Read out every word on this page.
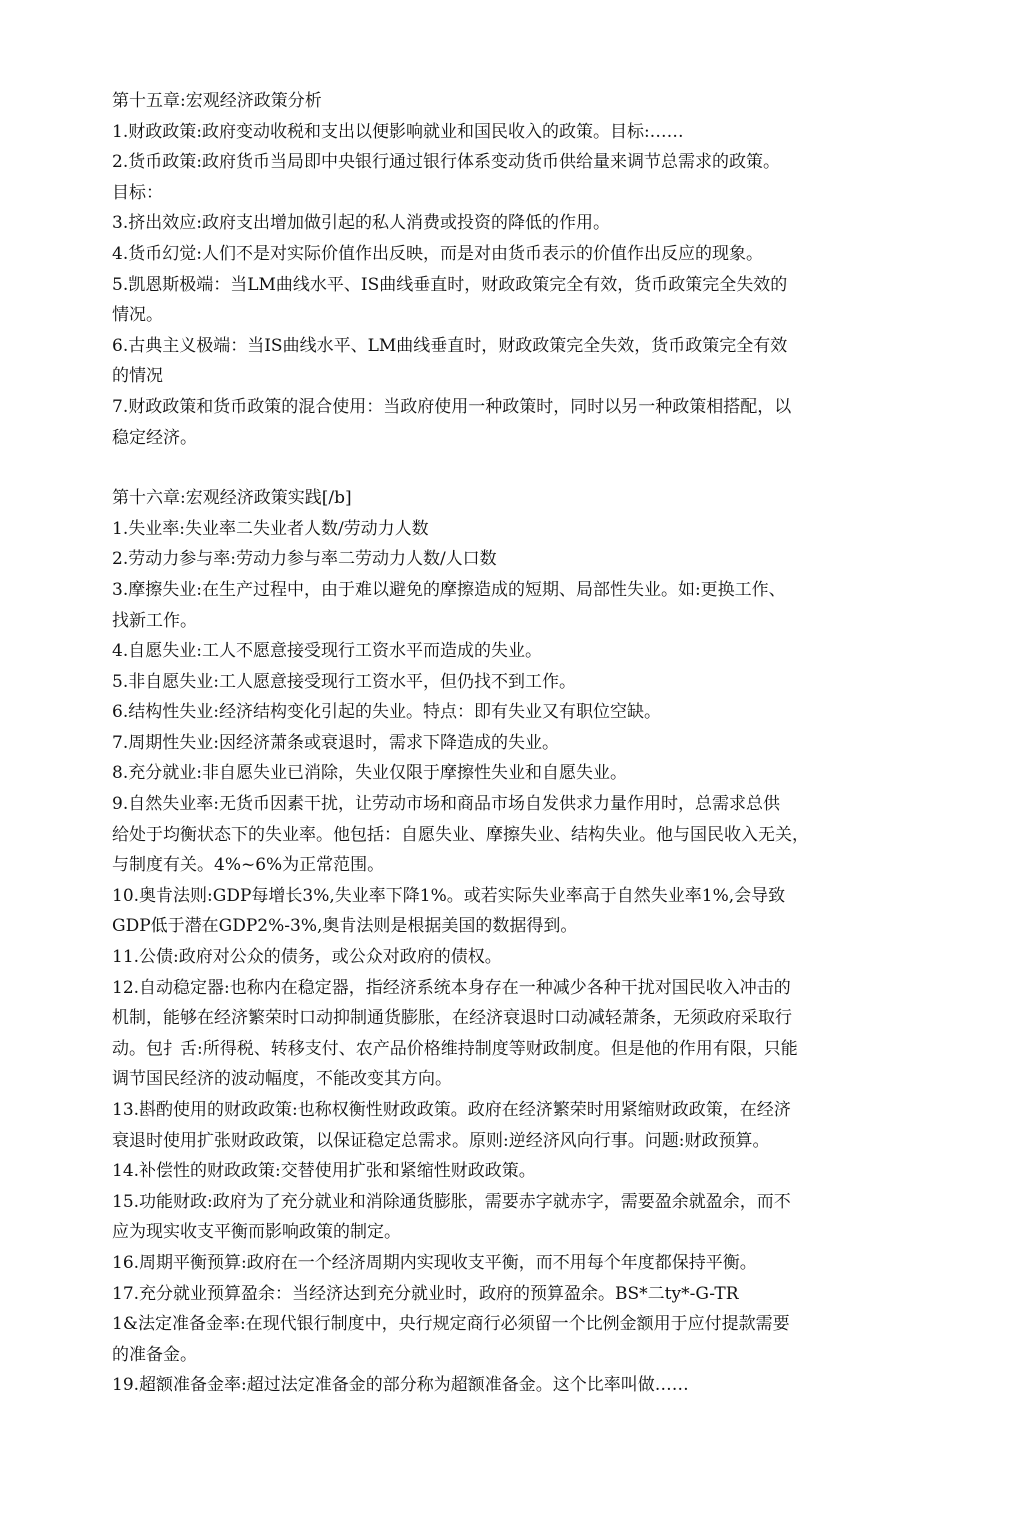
第十五章:宏观经济政策分析

1.财政政策:政府变动收税和支出以便影响就业和国民收入的政策。目标:……

2.货币政策:政府货币当局即中央银行通过银行体系变动货币供给量来调节总需求的政策。
目标：

3.挤出效应:政府支出增加做引起的私人消费或投资的降低的作用。

4.货币幻觉:人们不是对实际价值作出反映，而是对由货币表示的价值作出反应的现象。

5.凯恩斯极端：当LM曲线水平、IS曲线垂直时，财政政策完全有效，货币政策完全失效的
情况。

6.古典主义极端：当IS曲线水平、LM曲线垂直时，财政政策完全失效，货币政策完全有效
的情况

7.财政政策和货币政策的混合使用：当政府使用一种政策时，同时以另一种政策相搭配，以
稳定经济。

第十六章:宏观经济政策实践[/b]

1.失业率:失业率二失业者人数/劳动力人数

2.劳动力参与率:劳动力参与率二劳动力人数/人口数

3.摩擦失业:在生产过程中，由于难以避免的摩擦造成的短期、局部性失业。如:更换工作、
找新工作。

4.自愿失业:工人不愿意接受现行工资水平而造成的失业。

5.非自愿失业:工人愿意接受现行工资水平，但仍找不到工作。

6.结构性失业:经济结构变化引起的失业。特点：即有失业又有职位空缺。

7.周期性失业:因经济萧条或衰退时，需求下降造成的失业。

8.充分就业:非自愿失业已消除，失业仅限于摩擦性失业和自愿失业。

9.自然失业率:无货币因素干扰，让劳动市场和商品市场自发供求力量作用时，总需求总供
给处于均衡状态下的失业率。他包括：自愿失业、摩擦失业、结构失业。他与国民收入无关，
与制度有关。4%~6%为正常范围。

10.奥肯法则:GDP每增长3%,失业率下降1%。或若实际失业率高于自然失业率1%,会导致
GDP低于潜在GDP2%-3%,奥肯法则是根据美国的数据得到。

11.公债:政府对公众的债务，或公众对政府的债权。

12.自动稳定器:也称内在稳定器，指经济系统本身存在一种减少各种干扰对国民收入冲击的
机制，能够在经济繁荣时口动抑制通货膨胀，在经济衰退时口动减轻萧条，无须政府采取行
动。包扌舌:所得税、转移支付、农产品价格维持制度等财政制度。但是他的作用有限，只能
调节国民经济的波动幅度，不能改变其方向。

13.斟酌使用的财政政策:也称权衡性财政政策。政府在经济繁荣时用紧缩财政政策，在经济
衰退时使用扩张财政政策，以保证稳定总需求。原则:逆经济风向行事。问题:财政预算。

14.补偿性的财政政策:交替使用扩张和紧缩性财政政策。

15.功能财政:政府为了充分就业和消除通货膨胀，需要赤字就赤字，需要盈余就盈余，而不
应为现实收支平衡而影响政策的制定。

16.周期平衡预算:政府在一个经济周期内实现收支平衡，而不用每个年度都保持平衡。

17.充分就业预算盈余：当经济达到充分就业时，政府的预算盈余。BS*二ty*-G-TR

1&法定准备金率:在现代银行制度中，央行规定商行必须留一个比例金额用于应付提款需要
的准备金。

19.超额准备金率:超过法定准备金的部分称为超额准备金。这个比率叫做……
